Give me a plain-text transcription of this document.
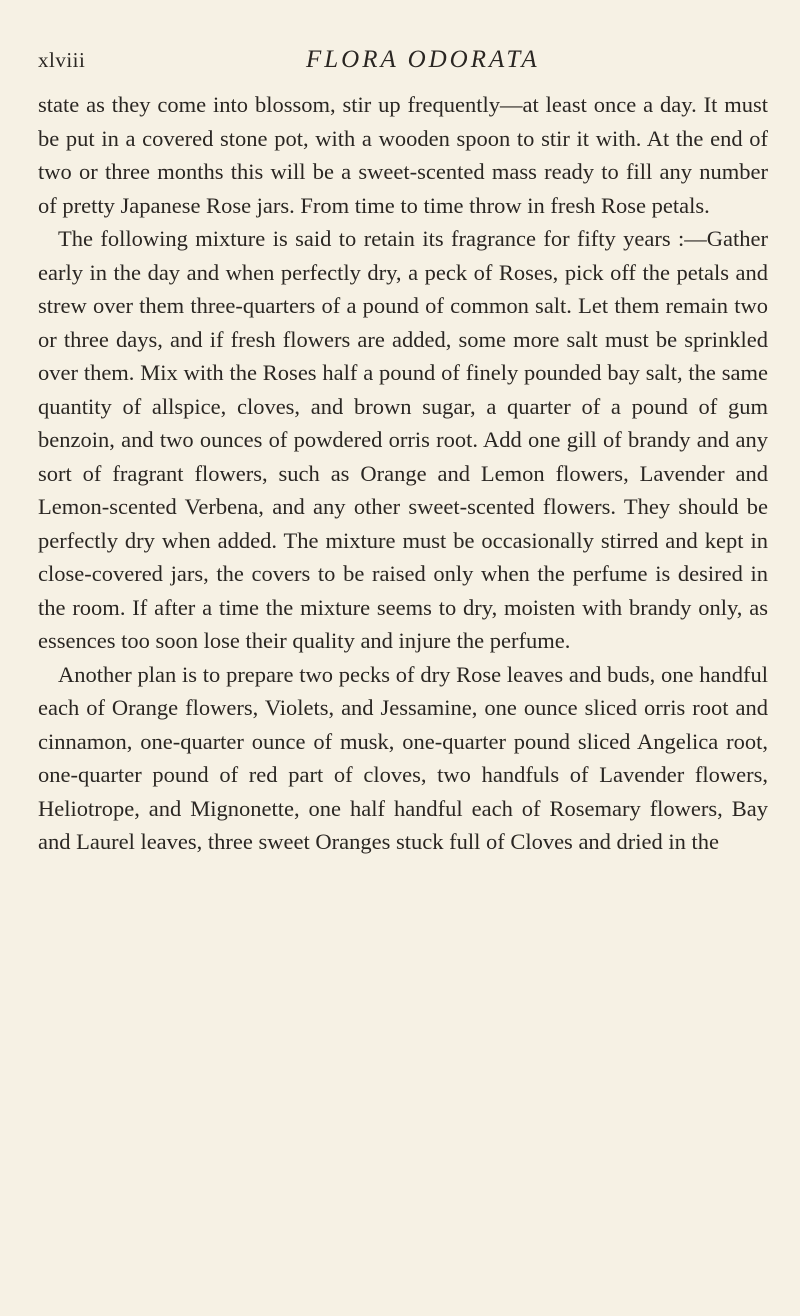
xlviii	FLORA ODORATA

state as they come into blossom, stir up frequently—at least once a day. It must be put in a covered stone pot, with a wooden spoon to stir it with. At the end of two or three months this will be a sweet-scented mass ready to fill any number of pretty Japanese Rose jars. From time to time throw in fresh Rose petals.

The following mixture is said to retain its fragrance for fifty years :—Gather early in the day and when perfectly dry, a peck of Roses, pick off the petals and strew over them three-quarters of a pound of common salt. Let them remain two or three days, and if fresh flowers are added, some more salt must be sprinkled over them. Mix with the Roses half a pound of finely pounded bay salt, the same quantity of allspice, cloves, and brown sugar, a quarter of a pound of gum benzoin, and two ounces of powdered orris root. Add one gill of brandy and any sort of fragrant flowers, such as Orange and Lemon flowers, Lavender and Lemon-scented Verbena, and any other sweet-scented flowers. They should be perfectly dry when added. The mixture must be occasionally stirred and kept in close-covered jars, the covers to be raised only when the perfume is desired in the room. If after a time the mixture seems to dry, moisten with brandy only, as essences too soon lose their quality and injure the perfume.

Another plan is to prepare two pecks of dry Rose leaves and buds, one handful each of Orange flowers, Violets, and Jessamine, one ounce sliced orris root and cinnamon, one-quarter ounce of musk, one-quarter pound sliced Angelica root, one-quarter pound of red part of cloves, two handfuls of Lavender flowers, Heliotrope, and Mignonette, one half handful each of Rosemary flowers, Bay and Laurel leaves, three sweet Oranges stuck full of Cloves and dried in the
